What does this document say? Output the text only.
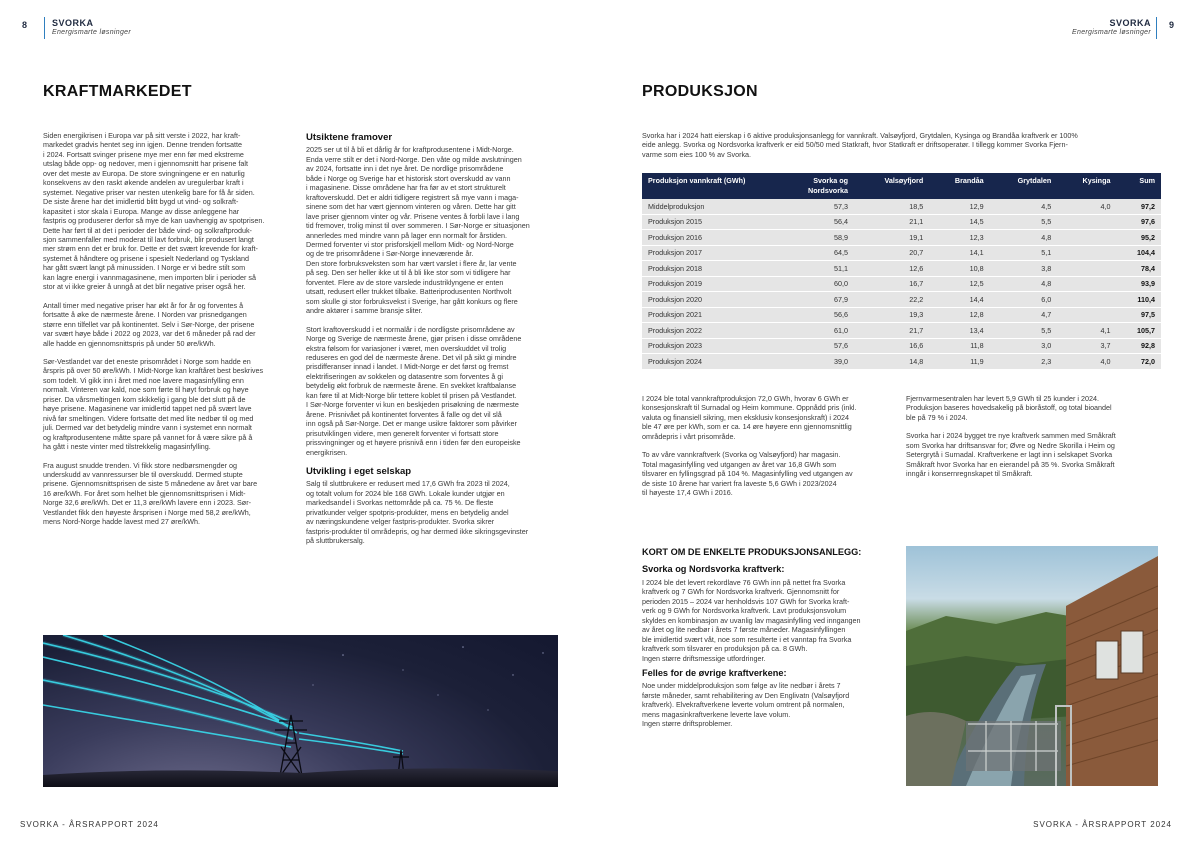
8	SVORKA
Energismarte løsninger
SVORKA
Energismarte løsninger
9
KRAFTMARKEDET

Siden energikrisen i Europa var på sitt verste i 2022, har kraft-
markedet gradvis hentet seg inn igjen. Denne trenden fortsatte
i 2024. Fortsatt svinger prisene mye mer enn før med ekstreme
utslag både opp- og nedover, men i gjennomsnitt har prisene falt
over det meste av Europa. De store svingningene er en naturlig
konsekvens av den raskt økende andelen av uregulerbar kraft i
systemet. Negative priser var nesten utenkelig bare for få år siden.
De siste årene har det imidlertid blitt bygd ut vind- og solkraft-
kapasitet i stor skala i Europa. Mange av disse anleggene har
fastpris og produserer derfor så mye de kan uavhengig av spotprisen.
Dette har ført til at det i perioder der både vind- og solkraftproduk-
sjon sammenfaller med moderat til lavt forbruk, blir produsert langt
mer strøm enn det er bruk for. Dette er det svært krevende for kraft-
systemet å håndtere og prisene i spesielt Nederland og Tyskland
har gått svært langt på minussiden. I Norge er vi bedre stilt som
kan lagre energi i vannmagasinene, men importen blir i perioder så
stor at vi ikke greier å unngå at det blir negative priser også her.

Antall timer med negative priser har økt år for år og forventes å
fortsatte å øke de nærmeste årene. I Norden var prisnedgangen
større enn tilfellet var på kontinentet. Selv i Sør-Norge, der prisene
var svært høye både i 2022 og 2023, var det 6 måneder på rad der
alle hadde en gjennomsnittspris på under 50 øre/kWh.

Sør-Vestlandet var det eneste prisområdet i Norge som hadde en
årspris på over 50 øre/kWh. I Midt-Norge kan kraftåret best beskrives
som todelt. Vi gikk inn i året med noe lavere magasinfylling enn
normalt. Vinteren var kald, noe som førte til høyt forbruk og høye
priser. Da vårsmeltingen kom skikkelig i gang ble det slutt på de
høye prisene. Magasinene var imidlertid tappet ned på svært lave
nivå før smeltingen. Videre fortsatte det med lite nedbør til og med
juli. Dermed var det betydelig mindre vann i systemet enn normalt
og kraftprodusentene måtte spare på vannet for å være sikre på å
ha gått i neste vinter med tilstrekkelig magasinfylling.

Fra august snudde trenden. Vi fikk store nedbørsmengder og
underskudd av vannressurser ble til overskudd. Dermed stupte
prisene. Gjennomsnittsprisen de siste 5 månedene av året var bare
16 øre/kWh. For året som helhet ble gjennomsnittsprisen i Midt-
Norge 32,6 øre/kWh. Det er 11,3 øre/kWh lavere enn i 2023. Sør-
Vestlandet fikk den høyeste årsprisen i Norge med 58,2 øre/kWh,
mens Nord-Norge hadde lavest med 27 øre/kWh.

Utsiktene framover

2025 ser ut til å bli et dårlig år for kraftprodusentene i Midt-Norge.
Enda verre stilt er det i Nord-Norge. Den våte og milde avslutningen
av 2024, fortsatte inn i det nye året. De nordlige prisområdene
både i Norge og Sverige har et historisk stort overskudd av vann
i magasinene. Disse områdene har fra før av et stort strukturelt
kraftoverskudd. Det er aldri tidligere registrert så mye vann i maga-
sinene som det har vært gjennom vinteren og våren. Dette har gitt
lave priser gjennom vinter og vår. Prisene ventes å forbli lave i lang
tid fremover, trolig minst til over sommeren. I Sør-Norge er situasjonen
annerledes med mindre vann på lager enn normalt for årstiden.
Dermed forventer vi stor prisforskjell mellom Midt- og Nord-Norge
og de tre prisområdene i Sør-Norge inneværende år.
Den store forbruksveksten som har vært varslet i flere år, lar vente
på seg. Den ser heller ikke ut til å bli like stor som vi tidligere har
forventet. Flere av de store varslede industriklyngene er enten
utsatt, redusert eller trukket tilbake. Batteriprodusenten Northvolt
som skulle gi stor forbruksvekst i Sverige, har gått konkurs og flere
andre aktører i samme bransje sliter.

Stort kraftoverskudd i et normalår i de nordligste prisområdene av
Norge og Sverige de nærmeste årene, gjør prisen i disse områdene
ekstra følsom for variasjoner i været, men overskuddet vil trolig
reduseres en god del de nærmeste årene. Det vil på sikt gi mindre
prisdifferanser innad i landet. I Midt-Norge er det først og fremst
elektrifiseringen av sokkelen og datasentre som forventes å gi
betydelig økt forbruk de nærmeste årene. En svekket kraftbalanse
kan føre til at Midt-Norge blir tettere koblet til prisen på Vestlandet.
I Sør-Norge forventer vi kun en beskjeden prisøkning de nærmeste
årene. Prisnivået på kontinentet forventes å falle og det vil slå
inn også på Sør-Norge. Det er mange usikre faktorer som påvirker
prisutviklingen videre, men generelt forventer vi fortsatt store
prissvingninger og et høyere prisnivå enn i tiden før den europeiske
energikrisen.

Utvikling i eget selskap

Salg til sluttbrukere er redusert med 17,6 GWh fra 2023 til 2024,
og totalt volum for 2024 ble 168 GWh. Lokale kunder utgjør en
markedsandel i Svorkas nettområde på ca. 75 %. De fleste
privatkunder velger spotpris-produkter, mens en betydelig andel
av næringskundene velger fastpris-produkter. Svorka sikrer
fastpris-produkter til områdepris, og har dermed ikke sikringsgevinster
på sluttbrukersalg.

PRODUKSJON

Svorka har i 2024 hatt eierskap i 6 aktive produksjonsanlegg for vannkraft. Valsøyfjord, Grytdalen, Kysinga og Brandåa kraftverk er 100%
eide anlegg. Svorka og Nordsvorka kraftverk er eid 50/50 med Statkraft, hvor Statkraft er driftsoperatør. I tillegg kommer Svorka Fjern-
varme som eies 100 % av Svorka.

Produksjon vannkraft (GWh)	Svorka og Nordsvorka	Valsøyfjord	Brandåa	Grytdalen	Kysinga	Sum
Middelproduksjon	57,3	18,5	12,9	4,5	4,0	97,2
Produksjon 2015	56,4	21,1	14,5	5,5		97,6
Produksjon 2016	58,9	19,1	12,3	4,8		95,2
Produksjon 2017	64,5	20,7	14,1	5,1		104,4
Produksjon 2018	51,1	12,6	10,8	3,8		78,4
Produksjon 2019	60,0	16,7	12,5	4,8		93,9
Produksjon 2020	67,9	22,2	14,4	6,0		110,4
Produksjon 2021	56,6	19,3	12,8	4,7		97,5
Produksjon 2022	61,0	21,7	13,4	5,5	4,1	105,7
Produksjon 2023	57,6	16,6	11,8	3,0	3,7	92,8
Produksjon 2024	39,0	14,8	11,9	2,3	4,0	72,0

I 2024 ble total vannkraftproduksjon 72,0 GWh, hvorav 6 GWh er
konsesjonskraft til Surnadal og Heim kommune. Oppnådd pris (inkl.
valuta og finansiell sikring, men eksklusiv konsesjonskraft) i 2024
ble 47 øre per kWh, som er ca. 14 øre høyere enn gjennomsnittlig
områdepris i vårt prisområde.

To av våre vannkraftverk (Svorka og Valsøyfjord) har magasin.
Total magasinfylling ved utgangen av året var 16,8 GWh som
tilsvarer en fyllingsgrad på 104 %. Magasinfylling ved utgangen av
de siste 10 årene har variert fra laveste 5,6 GWh i 2023/2024
til høyeste 17,4 GWh i 2016.

Fjernvarmesentralen har levert 5,9 GWh til 25 kunder i 2024.
Produksjon baseres hovedsakelig på bioråstoff, og total bioandel
ble på 79 % i 2024.

Svorka har i 2024 bygget tre nye kraftverk sammen med Småkraft
som Svorka har driftsansvar for; Øvre og Nedre Skorilla i Heim og
Setergrytå i Surnadal. Kraftverkene er lagt inn i selskapet Svorka
Småkraft hvor Svorka har en eierandel på 35 %. Svorka Småkraft
inngår i konsernregnskapet til Småkraft.

KORT OM DE ENKELTE PRODUKSJONSANLEGG:
Svorka og Nordsvorka kraftverk:

I 2024 ble det levert rekordlave 76 GWh inn på nettet fra Svorka
kraftverk og 7 GWh for Nordsvorka kraftverk. Gjennomsnitt for
perioden 2015 – 2024 var henholdsvis 107 GWh for Svorka kraft-
verk og 9 GWh for Nordsvorka kraftverk. Lavt produksjonsvolum
skyldes en kombinasjon av uvanlig lav magasinfylling ved inngangen
av året og lite nedbør i årets 7 første måneder. Magasinfyllingen
ble imidlertid svært våt, noe som resulterte i et vanntap fra Svorka
kraftverk som tilsvarer en produksjon på ca. 8 GWh.
Ingen større driftsmessige utfordringer.

Felles for de øvrige kraftverkene:

Noe under middelproduksjon som følge av lite nedbør i årets 7
første måneder, samt rehabilitering av Den Englivatn (Valsøyfjord
kraftverk). Elvekraftverkene leverte volum omtrent på normalen,
mens magasinkraftverkene leverte lave volum.
Ingen større driftsproblemer.

SVORKA - ÅRSRAPPORT 2024	SVORKA - ÅRSRAPPORT 2024
